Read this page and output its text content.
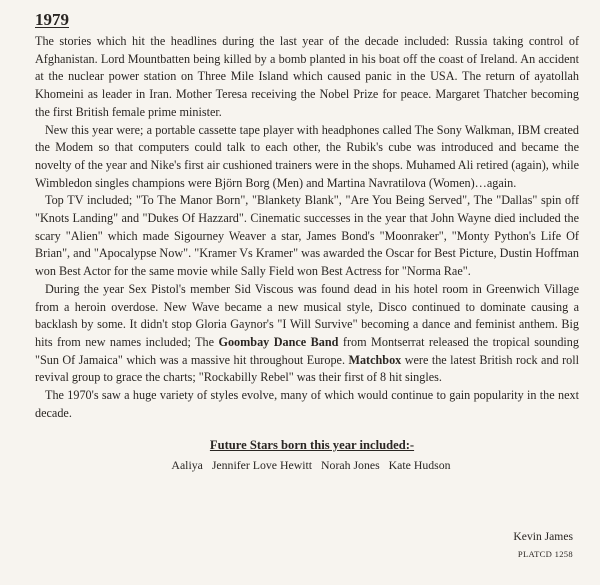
1979

The stories which hit the headlines during the last year of the decade included: Russia taking control of Afghanistan. Lord Mountbatten being killed by a bomb planted in his boat off the coast of Ireland. An accident at the nuclear power station on Three Mile Island which caused panic in the USA. The return of ayatollah Khomeini as leader in Iran. Mother Teresa receiving the Nobel Prize for peace. Margaret Thatcher becoming the first British female prime minister.

New this year were; a portable cassette tape player with headphones called The Sony Walkman, IBM created the Modem so that computers could talk to each other, the Rubik's cube was introduced and became the novelty of the year and Nike's first air cushioned trainers were in the shops. Muhamed Ali retired (again), while Wimbledon singles champions were Björn Borg (Men) and Martina Navratilova (Women)…again.

Top TV included; "To The Manor Born", "Blankety Blank", "Are You Being Served", The "Dallas" spin off "Knots Landing" and "Dukes Of Hazzard". Cinematic successes in the year that John Wayne died included the scary "Alien" which made Sigourney Weaver a star, James Bond's "Moonraker", "Monty Python's Life Of Brian", and "Apocalypse Now". "Kramer Vs Kramer" was awarded the Oscar for Best Picture, Dustin Hoffman won Best Actor for the same movie while Sally Field won Best Actress for "Norma Rae".

During the year Sex Pistol's member Sid Viscous was found dead in his hotel room in Greenwich Village from a heroin overdose. New Wave became a new musical style, Disco continued to dominate causing a backlash by some. It didn't stop Gloria Gaynor's "I Will Survive" becoming a dance and feminist anthem. Big hits from new names included; The Goombay Dance Band from Montserrat released the tropical sounding "Sun Of Jamaica" which was a massive hit throughout Europe. Matchbox were the latest British rock and roll revival group to grace the charts; "Rockabilly Rebel" was their first of 8 hit singles.

The 1970's saw a huge variety of styles evolve, many of which would continue to gain popularity in the next decade.

Future Stars born this year included:-
Aaliya Jennifer Love Hewitt Norah Jones Kate Hudson
Kevin James
PLATCD 1258
